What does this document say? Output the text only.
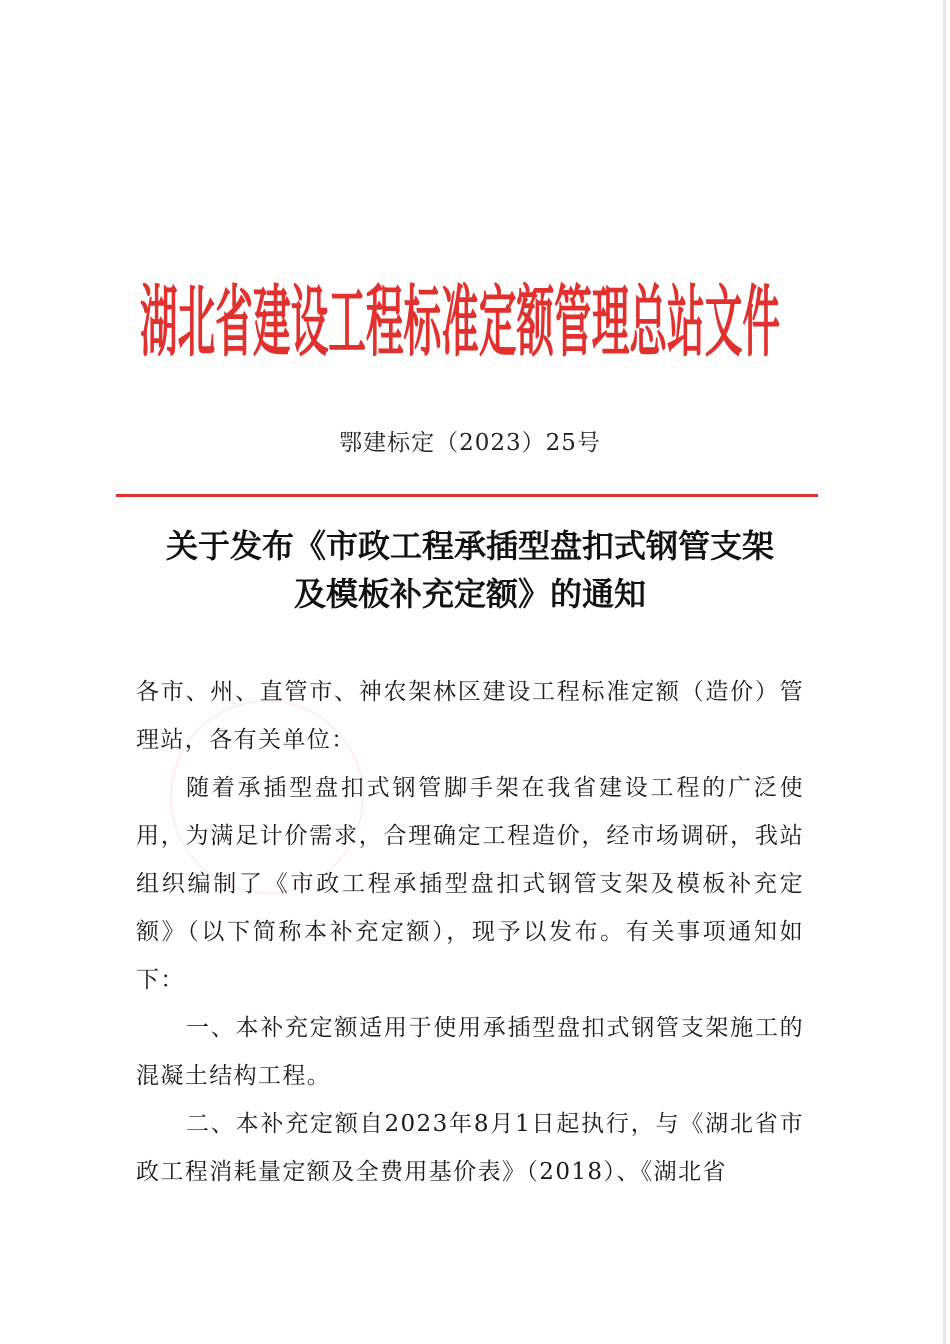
湖北省建设工程标准定额管理总站文件
鄂建标定（2023）25号
关于发布《市政工程承插型盘扣式钢管支架
及模板补充定额》的通知

各市、州、直管市、神农架林区建设工程标准定额（造价）管理站，各有关单位：

随着承插型盘扣式钢管脚手架在我省建设工程的广泛使用，为满足计价需求，合理确定工程造价，经市场调研，我站组织编制了《市政工程承插型盘扣式钢管支架及模板补充定额》（以下简称本补充定额），现予以发布。有关事项通知如下：

一、本补充定额适用于使用承插型盘扣式钢管支架施工的混凝土结构工程。

二、本补充定额自2023年8月1日起执行，与《湖北省市政工程消耗量定额及全费用基价表》（2018）、《湖北省
